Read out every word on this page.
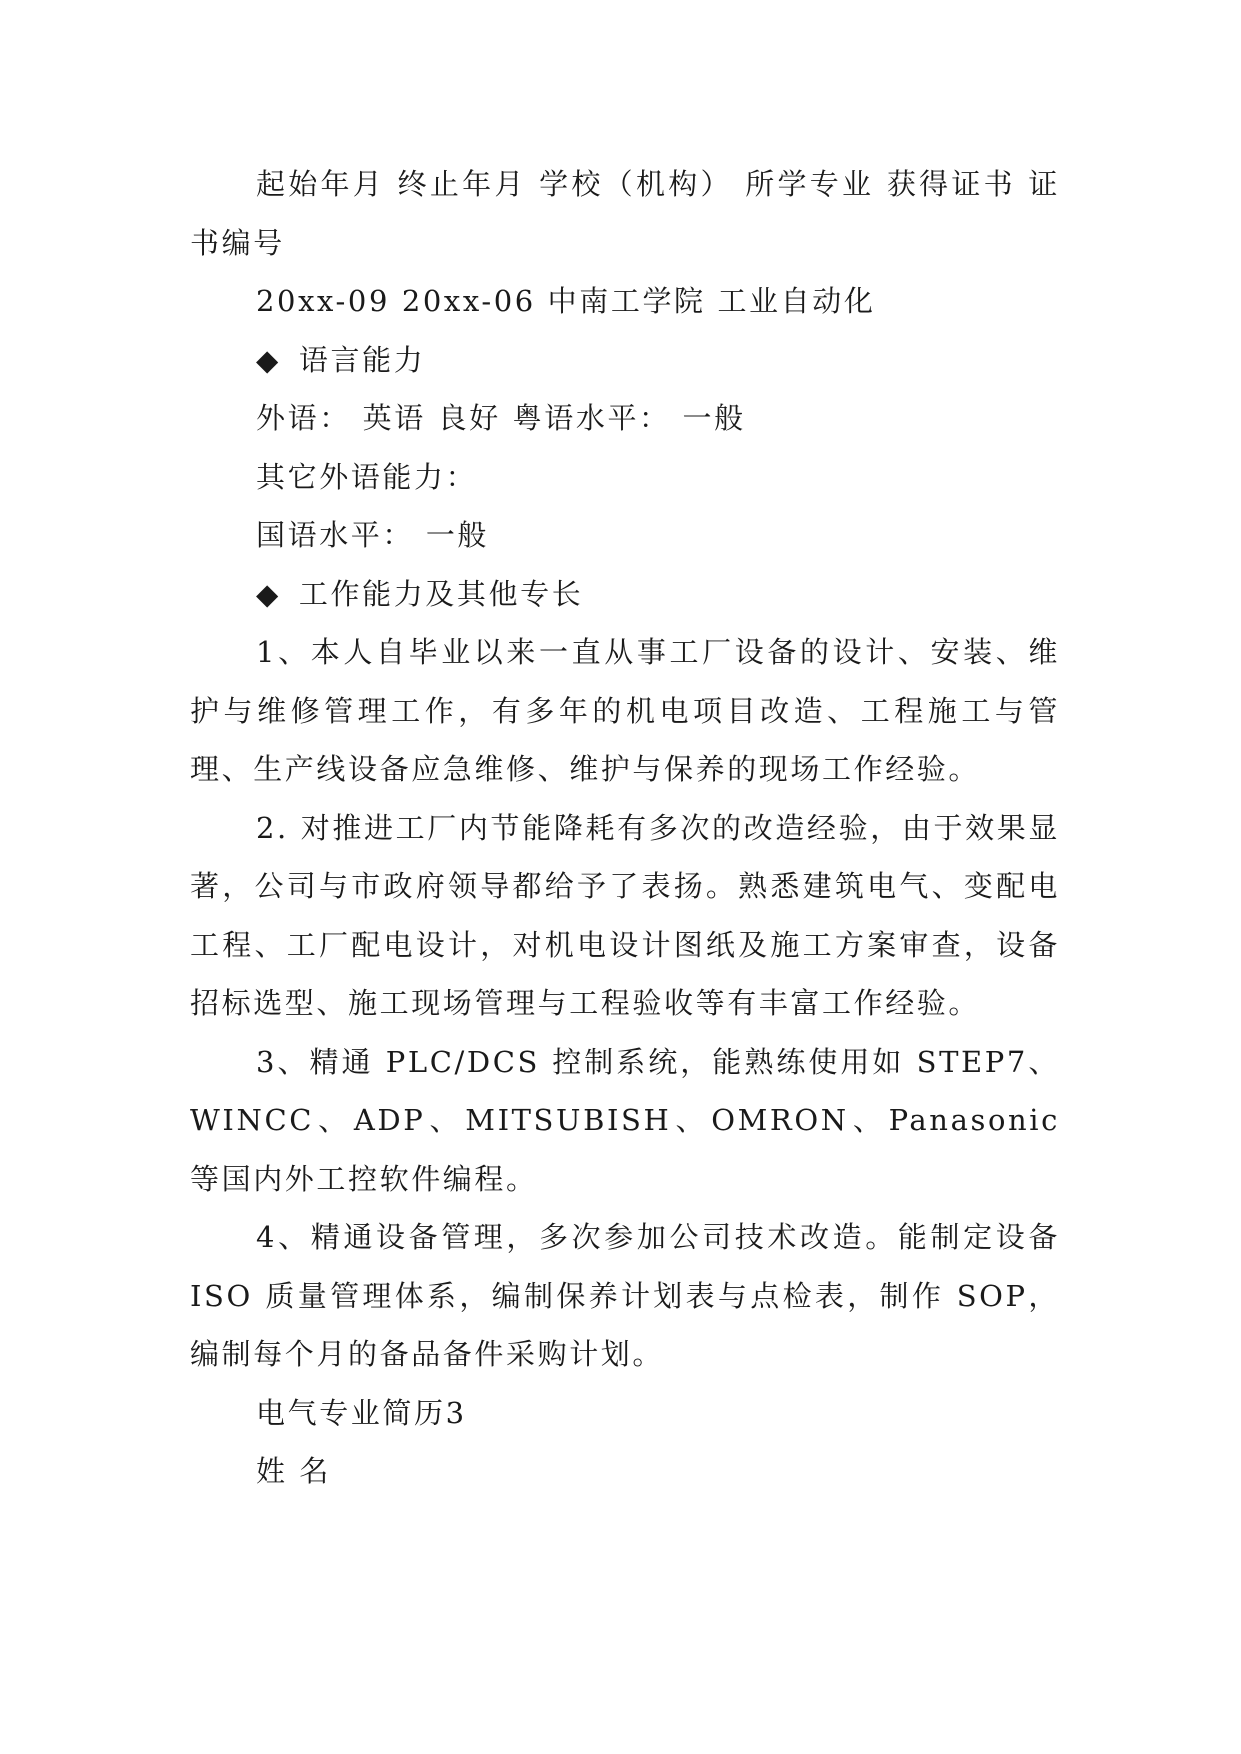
起始年月 终止年月 学校（机构） 所学专业 获得证书 证书编号

20xx-09 20xx-06 中南工学院 工业自动化

◆ 语言能力

外语： 英语 良好 粤语水平： 一般

其它外语能力：

国语水平： 一般

◆ 工作能力及其他专长

1、本人自毕业以来一直从事工厂设备的设计、安装、维护与维修管理工作，有多年的机电项目改造、工程施工与管理、生产线设备应急维修、维护与保养的现场工作经验。

2. 对推进工厂内节能降耗有多次的改造经验，由于效果显著，公司与市政府领导都给予了表扬。熟悉建筑电气、变配电工程、工厂配电设计，对机电设计图纸及施工方案审查，设备招标选型、施工现场管理与工程验收等有丰富工作经验。

3、精通 PLC/DCS 控制系统，能熟练使用如 STEP7、WINCC、ADP、MITSUBISH、OMRON、Panasonic 等国内外工控软件编程。

4、精通设备管理，多次参加公司技术改造。能制定设备 ISO 质量管理体系，编制保养计划表与点检表，制作 SOP，编制每个月的备品备件采购计划。

电气专业简历3

姓 名
